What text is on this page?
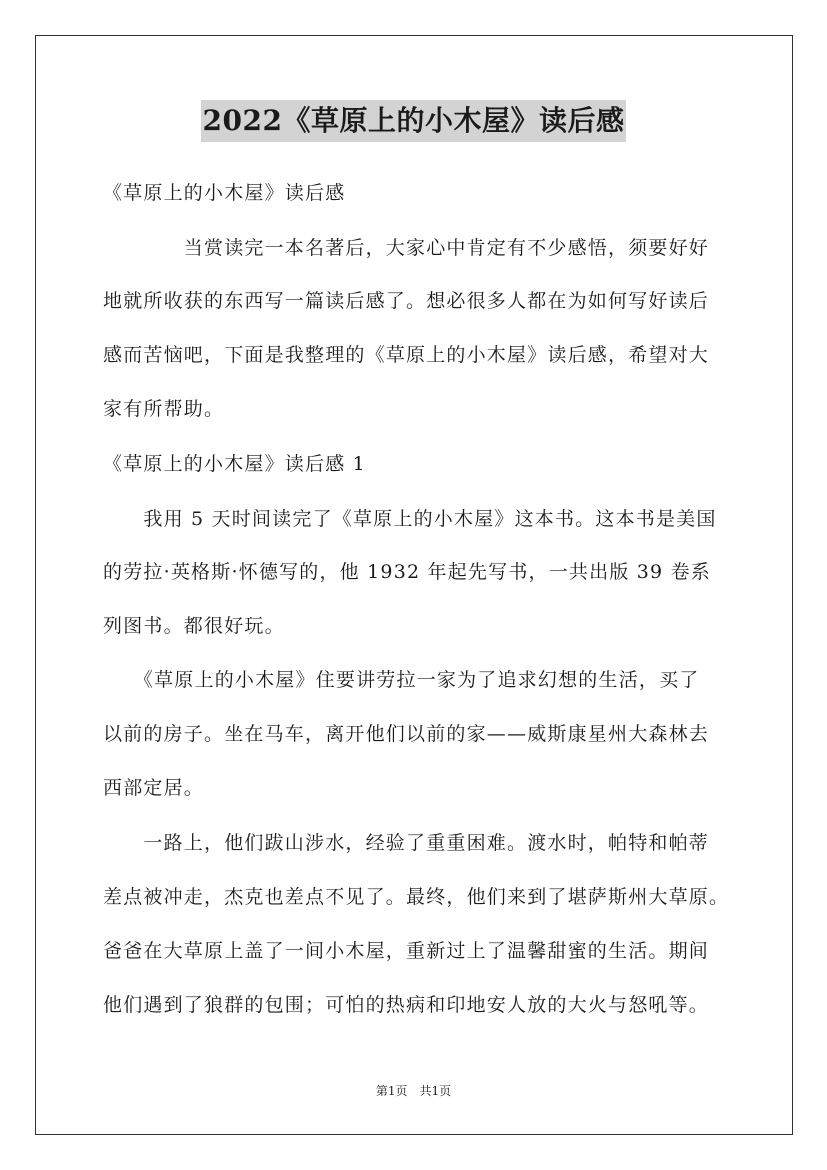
2022《草原上的小木屋》读后感
《草原上的小木屋》读后感
　　　　当赏读完一本名著后，大家心中肯定有不少感悟，须要好好
地就所收获的东西写一篇读后感了。想必很多人都在为如何写好读后
感而苦恼吧，下面是我整理的《草原上的小木屋》读后感，希望对大
家有所帮助。
《草原上的小木屋》读后感 1
　　我用 5 天时间读完了《草原上的小木屋》这本书。这本书是美国
的劳拉·英格斯·怀德写的，他 1932 年起先写书，一共出版 39 卷系
列图书。都很好玩。
　　《草原上的小木屋》住要讲劳拉一家为了追求幻想的生活，买了
以前的房子。坐在马车，离开他们以前的家——威斯康星州大森林去
西部定居。
　　一路上，他们跋山涉水，经验了重重困难。渡水时，帕特和帕蒂
差点被冲走，杰克也差点不见了。最终，他们来到了堪萨斯州大草原。
爸爸在大草原上盖了一间小木屋，重新过上了温馨甜蜜的生活。期间
他们遇到了狼群的包围；可怕的热病和印地安人放的大火与怒吼等。
第1页　共1页
